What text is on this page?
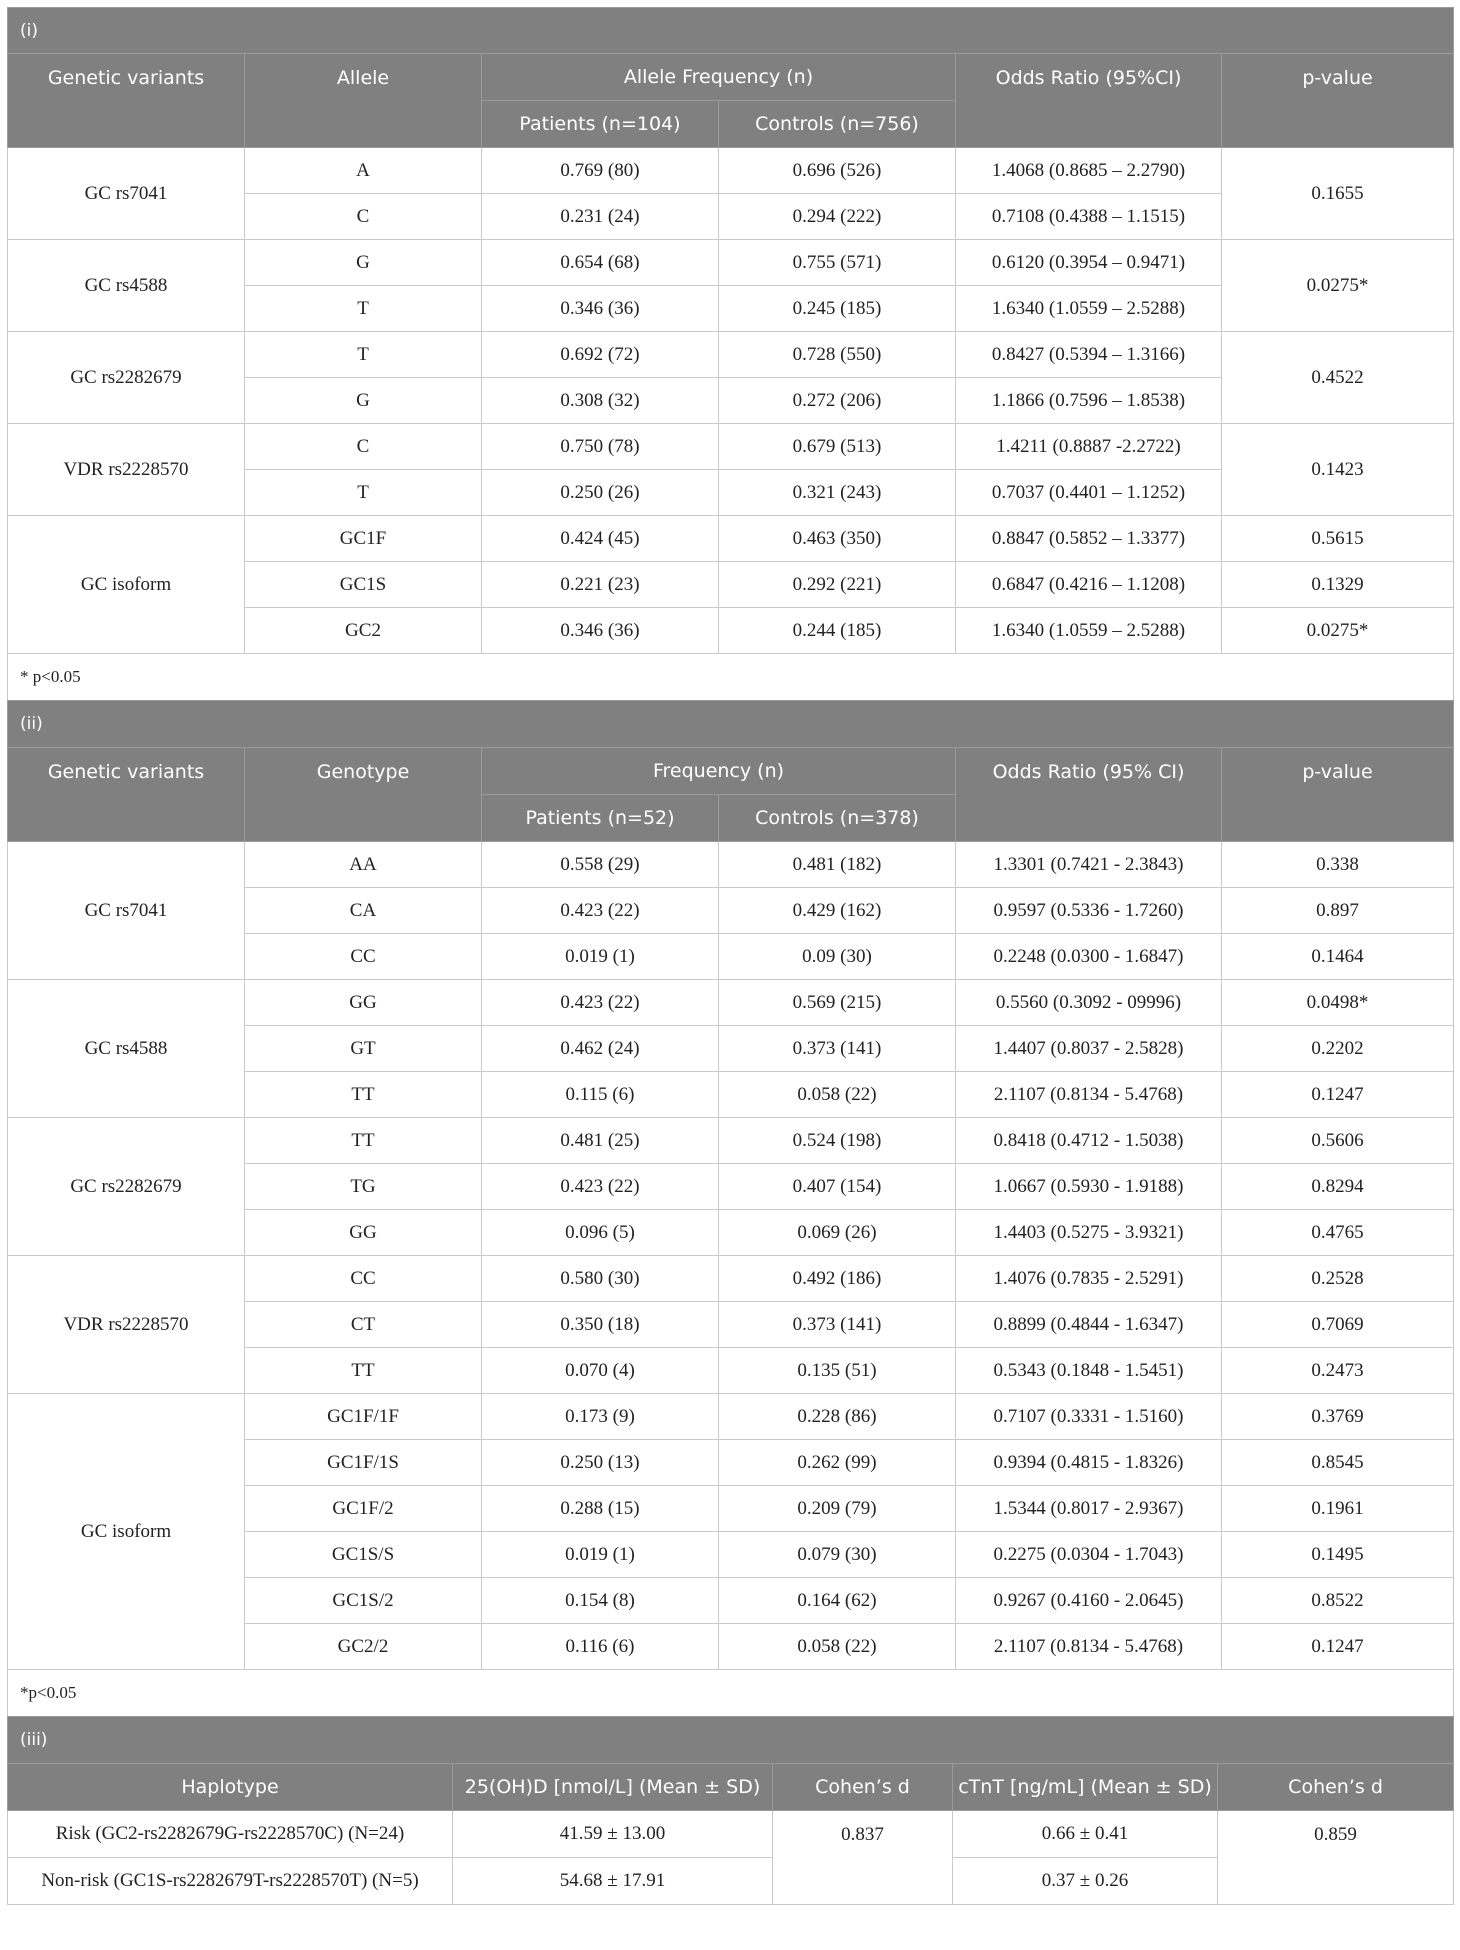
(i)					
Genetic variants	Allele	Allele Frequency (n)		Odds Ratio (95%CI)	p-value
		Patients (n=104)	Controls (n=756)		
GC rs7041	A	0.769 (80)	0.696 (526)	1.4068 (0.8685 – 2.2790)	0.1655
	C	0.231 (24)	0.294 (222)	0.7108 (0.4388 – 1.1515)	
GC rs4588	G	0.654 (68)	0.755 (571)	0.6120 (0.3954 – 0.9471)	0.0275*
	T	0.346 (36)	0.245 (185)	1.6340 (1.0559 – 2.5288)	
GC rs2282679	T	0.692 (72)	0.728 (550)	0.8427 (0.5394 – 1.3166)	0.4522
	G	0.308 (32)	0.272 (206)	1.1866 (0.7596 – 1.8538)	
VDR rs2228570	C	0.750 (78)	0.679 (513)	1.4211 (0.8887 -2.2722)	0.1423
	T	0.250 (26)	0.321 (243)	0.7037 (0.4401 – 1.1252)	
GC isoform	GC1F	0.424 (45)	0.463 (350)	0.8847 (0.5852 – 1.3377)	0.5615
	GC1S	0.221 (23)	0.292 (221)	0.6847 (0.4216 – 1.1208)	0.1329
	GC2	0.346 (36)	0.244 (185)	1.6340 (1.0559 – 2.5288)	0.0275*
* p<0.05					
(ii)					
Genetic variants	Genotype	Frequency (n)		Odds Ratio (95% CI)	p-value
		Patients (n=52)	Controls (n=378)		
GC rs7041	AA	0.558 (29)	0.481 (182)	1.3301 (0.7421 - 2.3843)	0.338
	CA	0.423 (22)	0.429 (162)	0.9597 (0.5336 - 1.7260)	0.897
	CC	0.019 (1)	0.09 (30)	0.2248 (0.0300 - 1.6847)	0.1464
GC rs4588	GG	0.423 (22)	0.569 (215)	0.5560 (0.3092 - 09996)	0.0498*
	GT	0.462 (24)	0.373 (141)	1.4407 (0.8037 - 2.5828)	0.2202
	TT	0.115 (6)	0.058 (22)	2.1107 (0.8134 - 5.4768)	0.1247
GC rs2282679	TT	0.481 (25)	0.524 (198)	0.8418 (0.4712 - 1.5038)	0.5606
	TG	0.423 (22)	0.407 (154)	1.0667 (0.5930 - 1.9188)	0.8294
	GG	0.096 (5)	0.069 (26)	1.4403 (0.5275 - 3.9321)	0.4765
VDR rs2228570	CC	0.580 (30)	0.492 (186)	1.4076 (0.7835 - 2.5291)	0.2528
	CT	0.350 (18)	0.373 (141)	0.8899 (0.4844 - 1.6347)	0.7069
	TT	0.070 (4)	0.135 (51)	0.5343 (0.1848 - 1.5451)	0.2473
GC isoform	GC1F/1F	0.173 (9)	0.228 (86)	0.7107 (0.3331 - 1.5160)	0.3769
	GC1F/1S	0.250 (13)	0.262 (99)	0.9394 (0.4815 - 1.8326)	0.8545
	GC1F/2	0.288 (15)	0.209 (79)	1.5344 (0.8017 - 2.9367)	0.1961
	GC1S/S	0.019 (1)	0.079 (30)	0.2275 (0.0304 - 1.7043)	0.1495
	GC1S/2	0.154 (8)	0.164 (62)	0.9267 (0.4160 - 2.0645)	0.8522
	GC2/2	0.116 (6)	0.058 (22)	2.1107 (0.8134 - 5.4768)	0.1247
*p<0.05					
(iii)				
Haplotype	25(OH)D [nmol/L] (Mean ± SD)	Cohen’s d	cTnT [ng/mL] (Mean ± SD)	Cohen’s d
Risk (GC2-rs2282679G-rs2228570C) (N=24)	41.59 ± 13.00	0.837	0.66 ± 0.41	0.859
Non-risk (GC1S-rs2282679T-rs2228570T) (N=5)	54.68 ± 17.91		0.37 ± 0.26	
